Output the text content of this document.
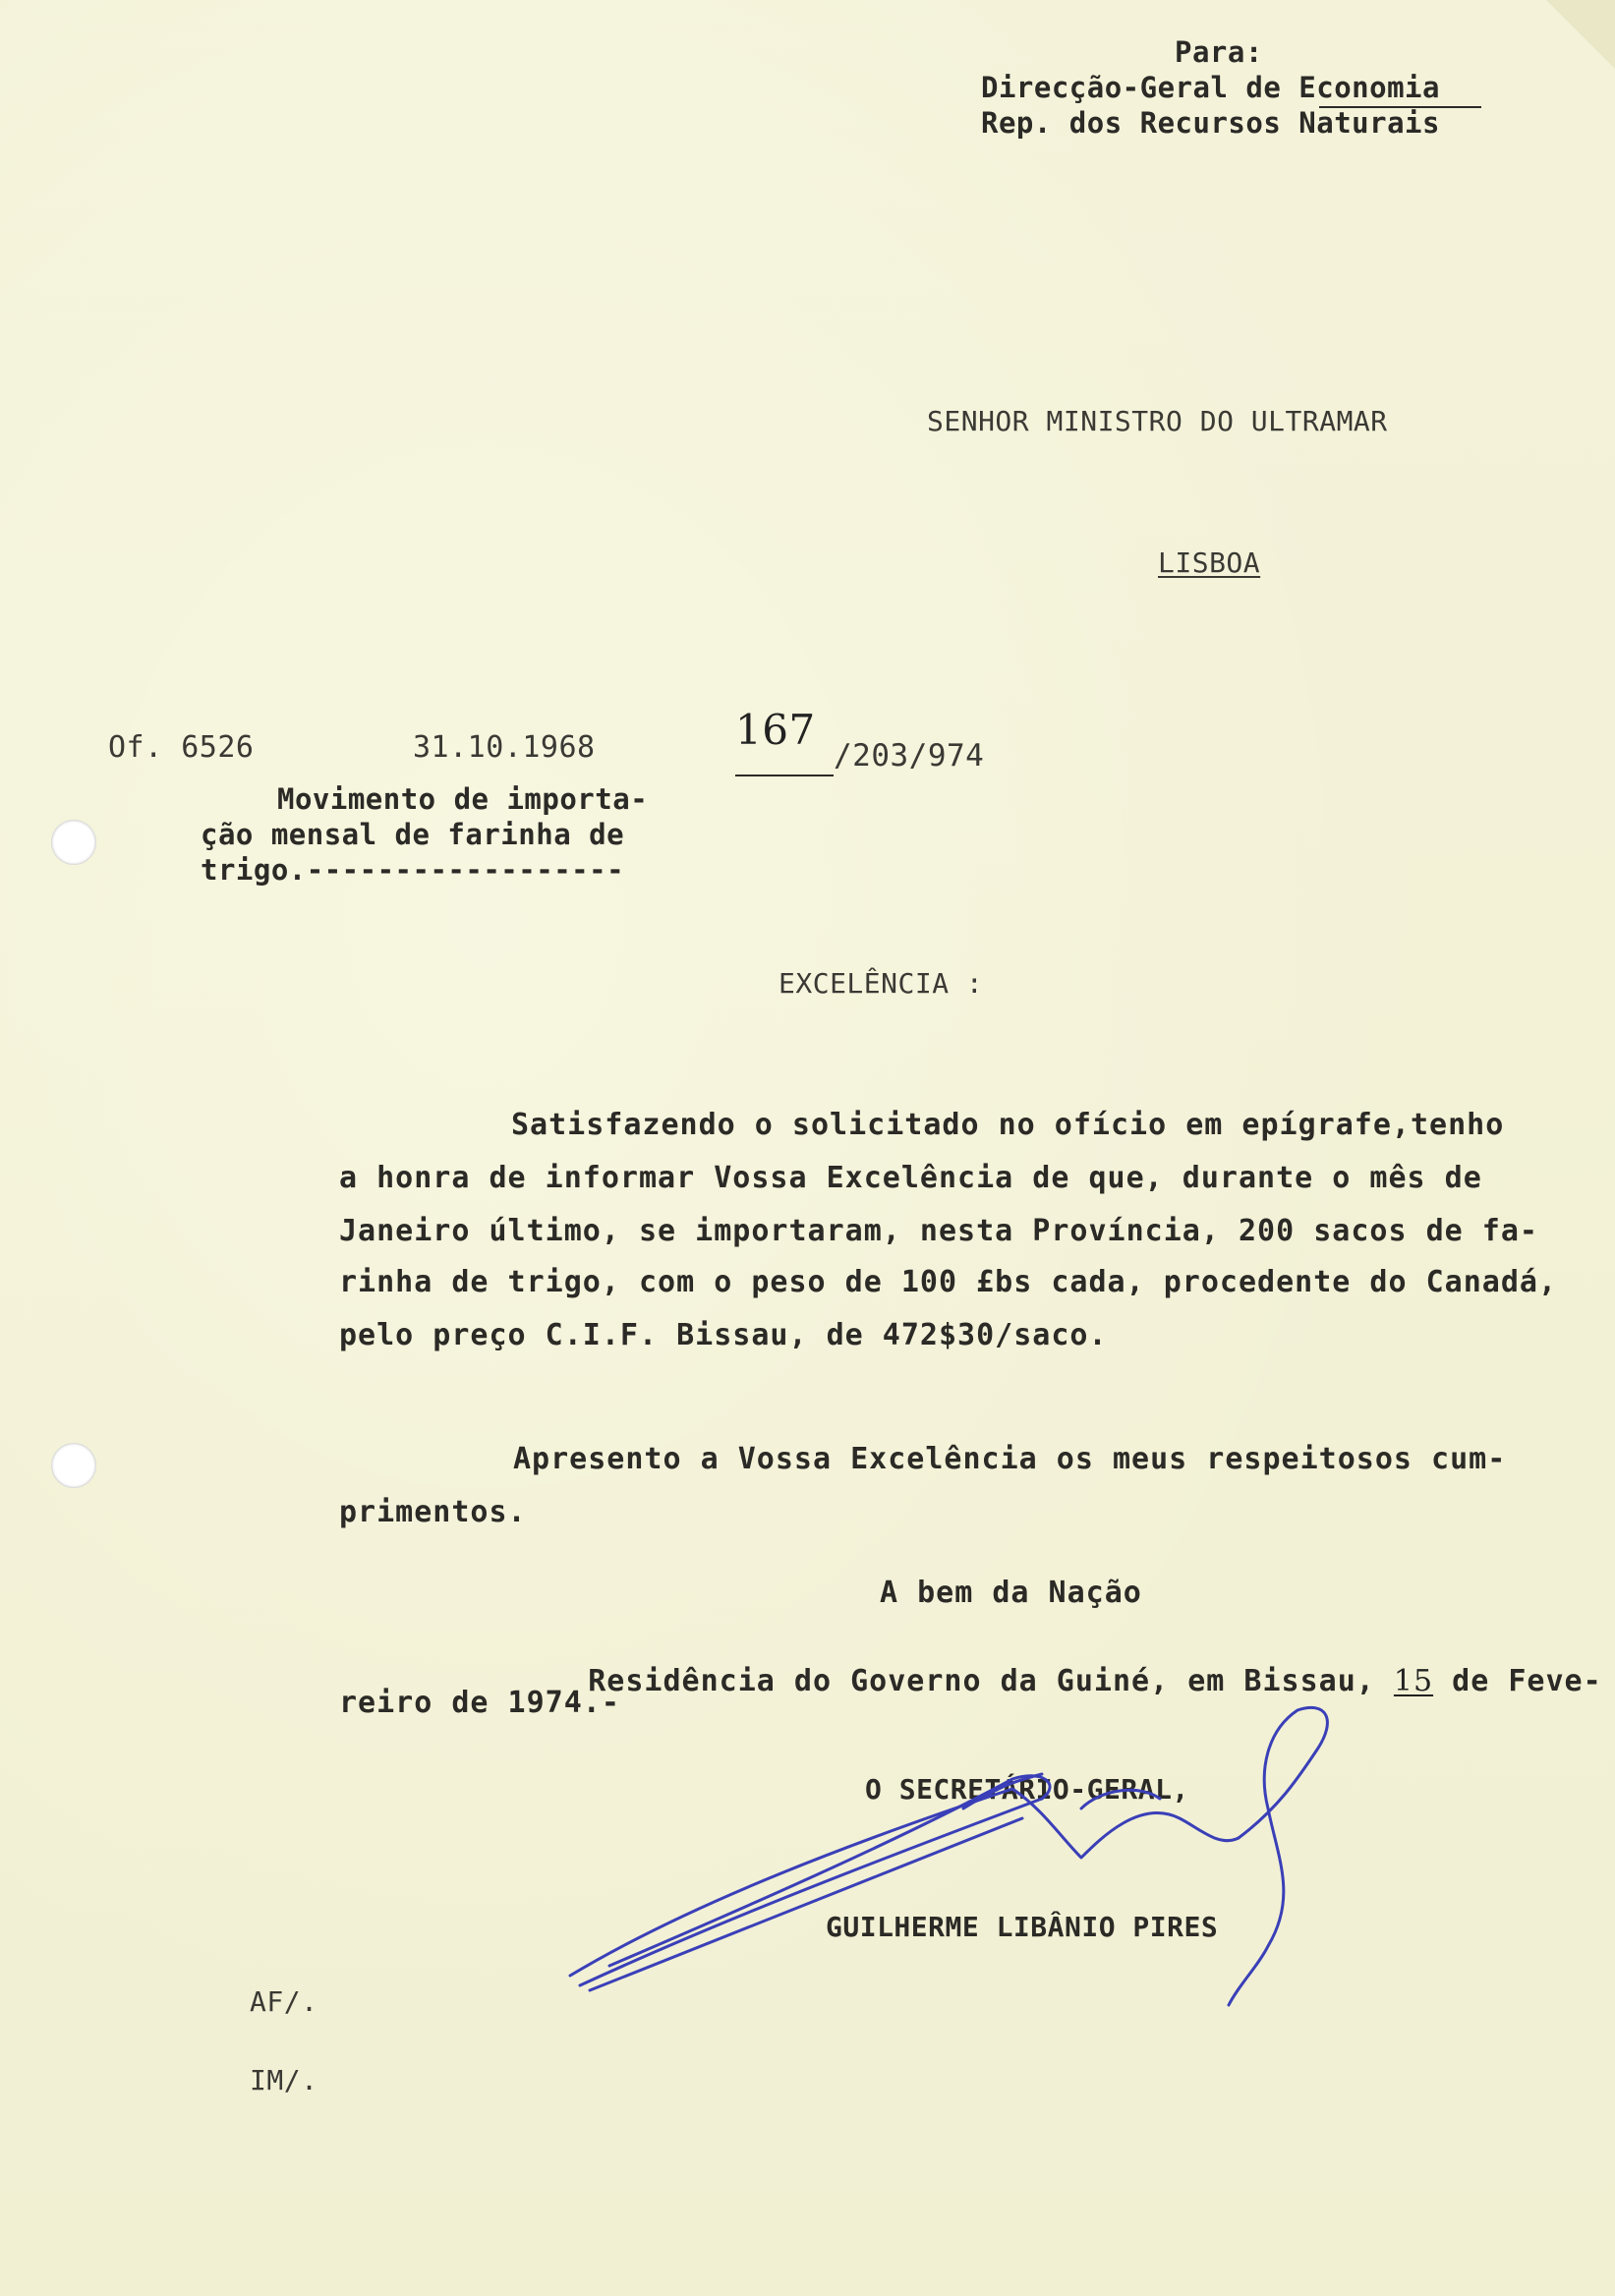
Para:
Direcção-Geral de Economia
Rep. dos Recursos Naturais
SENHOR MINISTRO DO ULTRAMAR
LISBOA
Of. 6526	31.10.1968	167
/203/974
Movimento de importa-
ção mensal de farinha de
trigo.------------------
EXCELÊNCIA :
Satisfazendo o solicitado no ofício em epígrafe,tenho
a honra de informar Vossa Excelência de que, durante o mês de
Janeiro último, se importaram, nesta Província, 200 sacos de fa-
rinha de trigo, com o peso de 100 £bs cada, procedente do Canadá,
pelo preço C.I.F. Bissau, de 472$30/saco.
Apresento a Vossa Excelência os meus respeitosos cum-
primentos.
A bem da Nação

Residência do Governo da Guiné, em Bissau, 15 de Feve-

reiro de 1974.-
O SECRETÁRIO-GERAL,
GUILHERME LIBÂNIO PIRES
AF/.
IM/.
